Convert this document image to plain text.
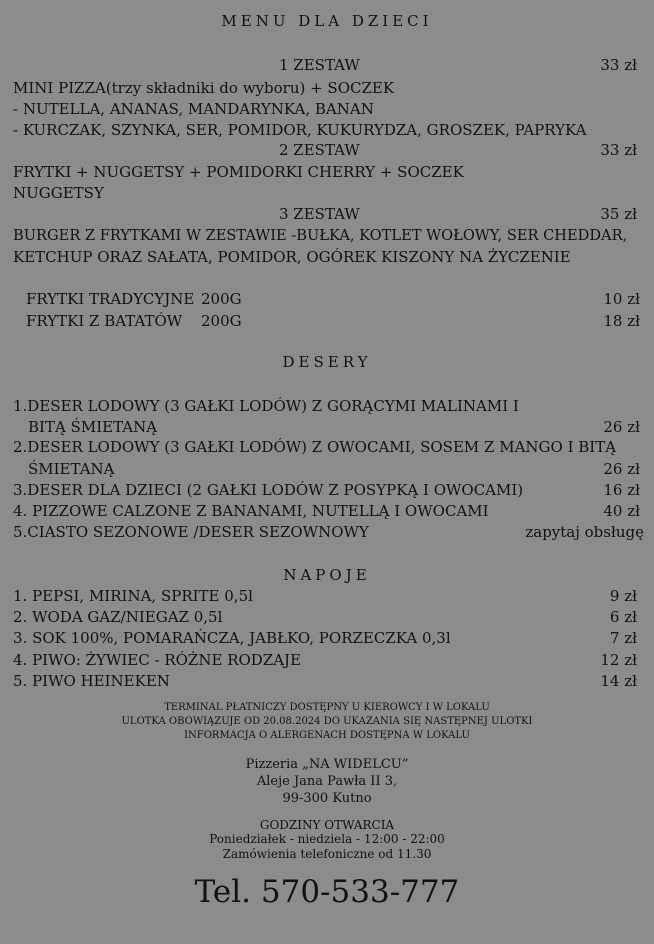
MENU DLA DZIECI
1 ZESTAW	33 zł
MINI PIZZA(trzy składniki do wyboru) + SOCZEK
- NUTELLA, ANANAS, MANDARYNKA, BANAN
- KURCZAK, SZYNKA, SER, POMIDOR, KUKURYDZA, GROSZEK, PAPRYKA
2 ZESTAW	33 zł
FRYTKI + NUGGETSY + POMIDORKI CHERRY + SOCZEK
NUGGETSY
3 ZESTAW	35 zł
BURGER Z FRYTKAMI W ZESTAWIE -BUŁKA, KOTLET WOŁOWY, SER CHEDDAR,
KETCHUP ORAZ SAŁATA, POMIDOR, OGÓREK KISZONY NA ŻYCZENIE
FRYTKI TRADYCYJNE 200G	10 zł
FRYTKI Z BATATÓW 200G	18 zł
DESERY
1.DESER LODOWY (3 GAŁKI LODÓW) Z GORĄCYMI MALINAMI I
BITĄ ŚMIETANĄ	26 zł
2.DESER LODOWY (3 GAŁKI LODÓW) Z OWOCAMI, SOSEM Z MANGO I BITĄ
ŚMIETANĄ	26 zł
3.DESER DLA DZIECI (2 GAŁKI LODÓW Z POSYPKĄ I OWOCAMI)	16 zł
4. PIZZOWE CALZONE Z BANANAMI, NUTELLĄ I OWOCAMI	40 zł
5.CIASTO SEZONOWE /DESER SEZOWNOWY	zapytaj obsługę
NAPOJE
1. PEPSI, MIRINA, SPRITE 0,5l	9 zł
2. WODA GAZ/NIEGAZ 0,5l	6 zł
3. SOK 100%, POMARAŃCZA, JABŁKO, PORZECZKA 0,3l	7 zł
4. PIWO: ŻYWIEC - RÓŻNE RODZAJE	12 zł
5. PIWO HEINEKEN	14 zł
TERMINAL PŁATNICZY DOSTĘPNY U KIEROWCY I W LOKALU
ULOTKA OBOWIĄZUJE OD 20.08.2024 DO UKAZANIA SIĘ NASTĘPNEJ ULOTKI
INFORMACJA O ALERGENACH DOSTĘPNA W LOKALU
Pizzeria „NA WIDELCU”
Aleje Jana Pawła II 3,
99-300 Kutno
GODZINY OTWARCIA
Poniedziałek - niedziela - 12:00 - 22:00
Zamówienia telefoniczne od 11.30
Tel. 570-533-777
